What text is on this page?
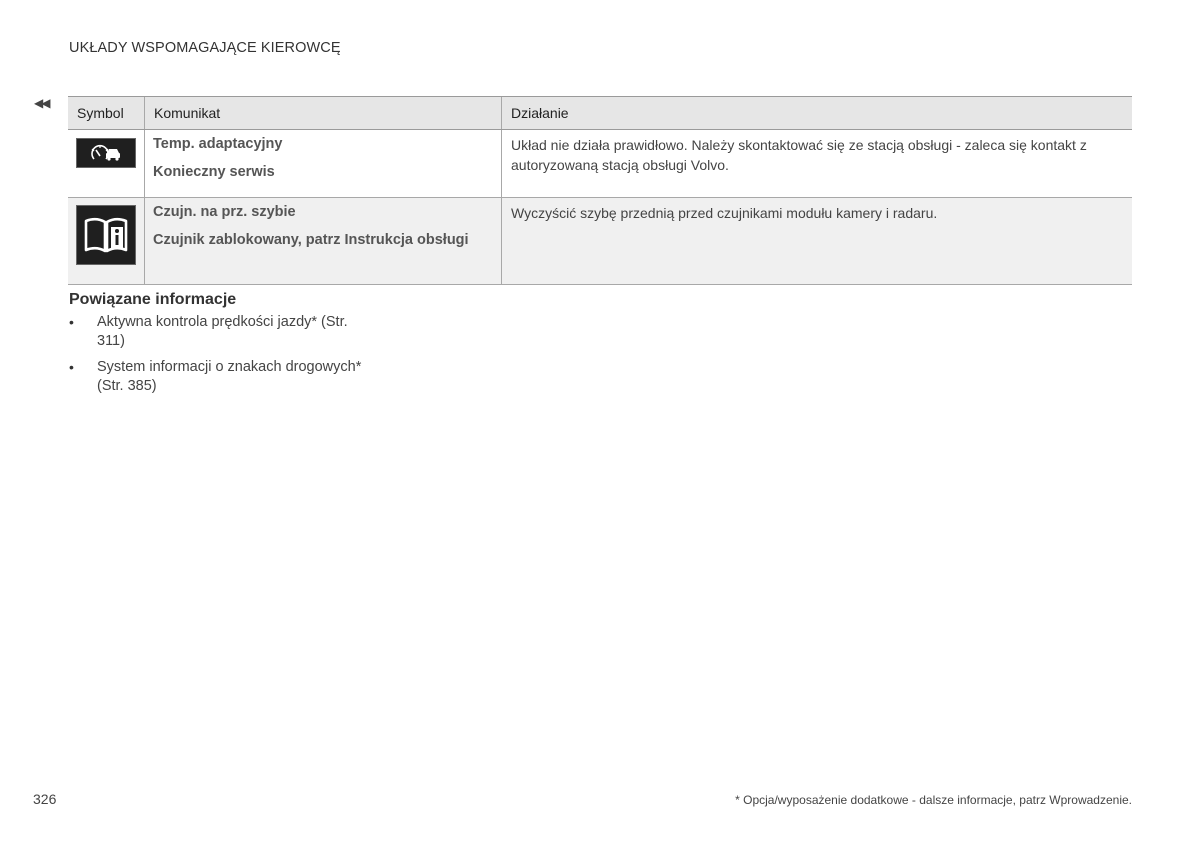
UKŁADY WSPOMAGAJĄCE KIEROWCĘ
◀◀
Symbol	Komunikat	Działanie

Temp. adaptacyjny
Konieczny serwis	Układ nie działa prawidłowo. Należy skontaktować się ze stacją obsługi - zaleca się kontakt z autoryzowaną stacją obsługi Volvo.

Czujn. na prz. szybie
Czujnik zablokowany, patrz Instrukcja obsługi	Wyczyścić szybę przednią przed czujnikami modułu kamery i radaru.
Powiązane informacje
• Aktywna kontrola prędkości jazdy* (Str. 311)
• System informacji o znakach drogowych* (Str. 385)
326	* Opcja/wyposażenie dodatkowe - dalsze informacje, patrz Wprowadzenie.
